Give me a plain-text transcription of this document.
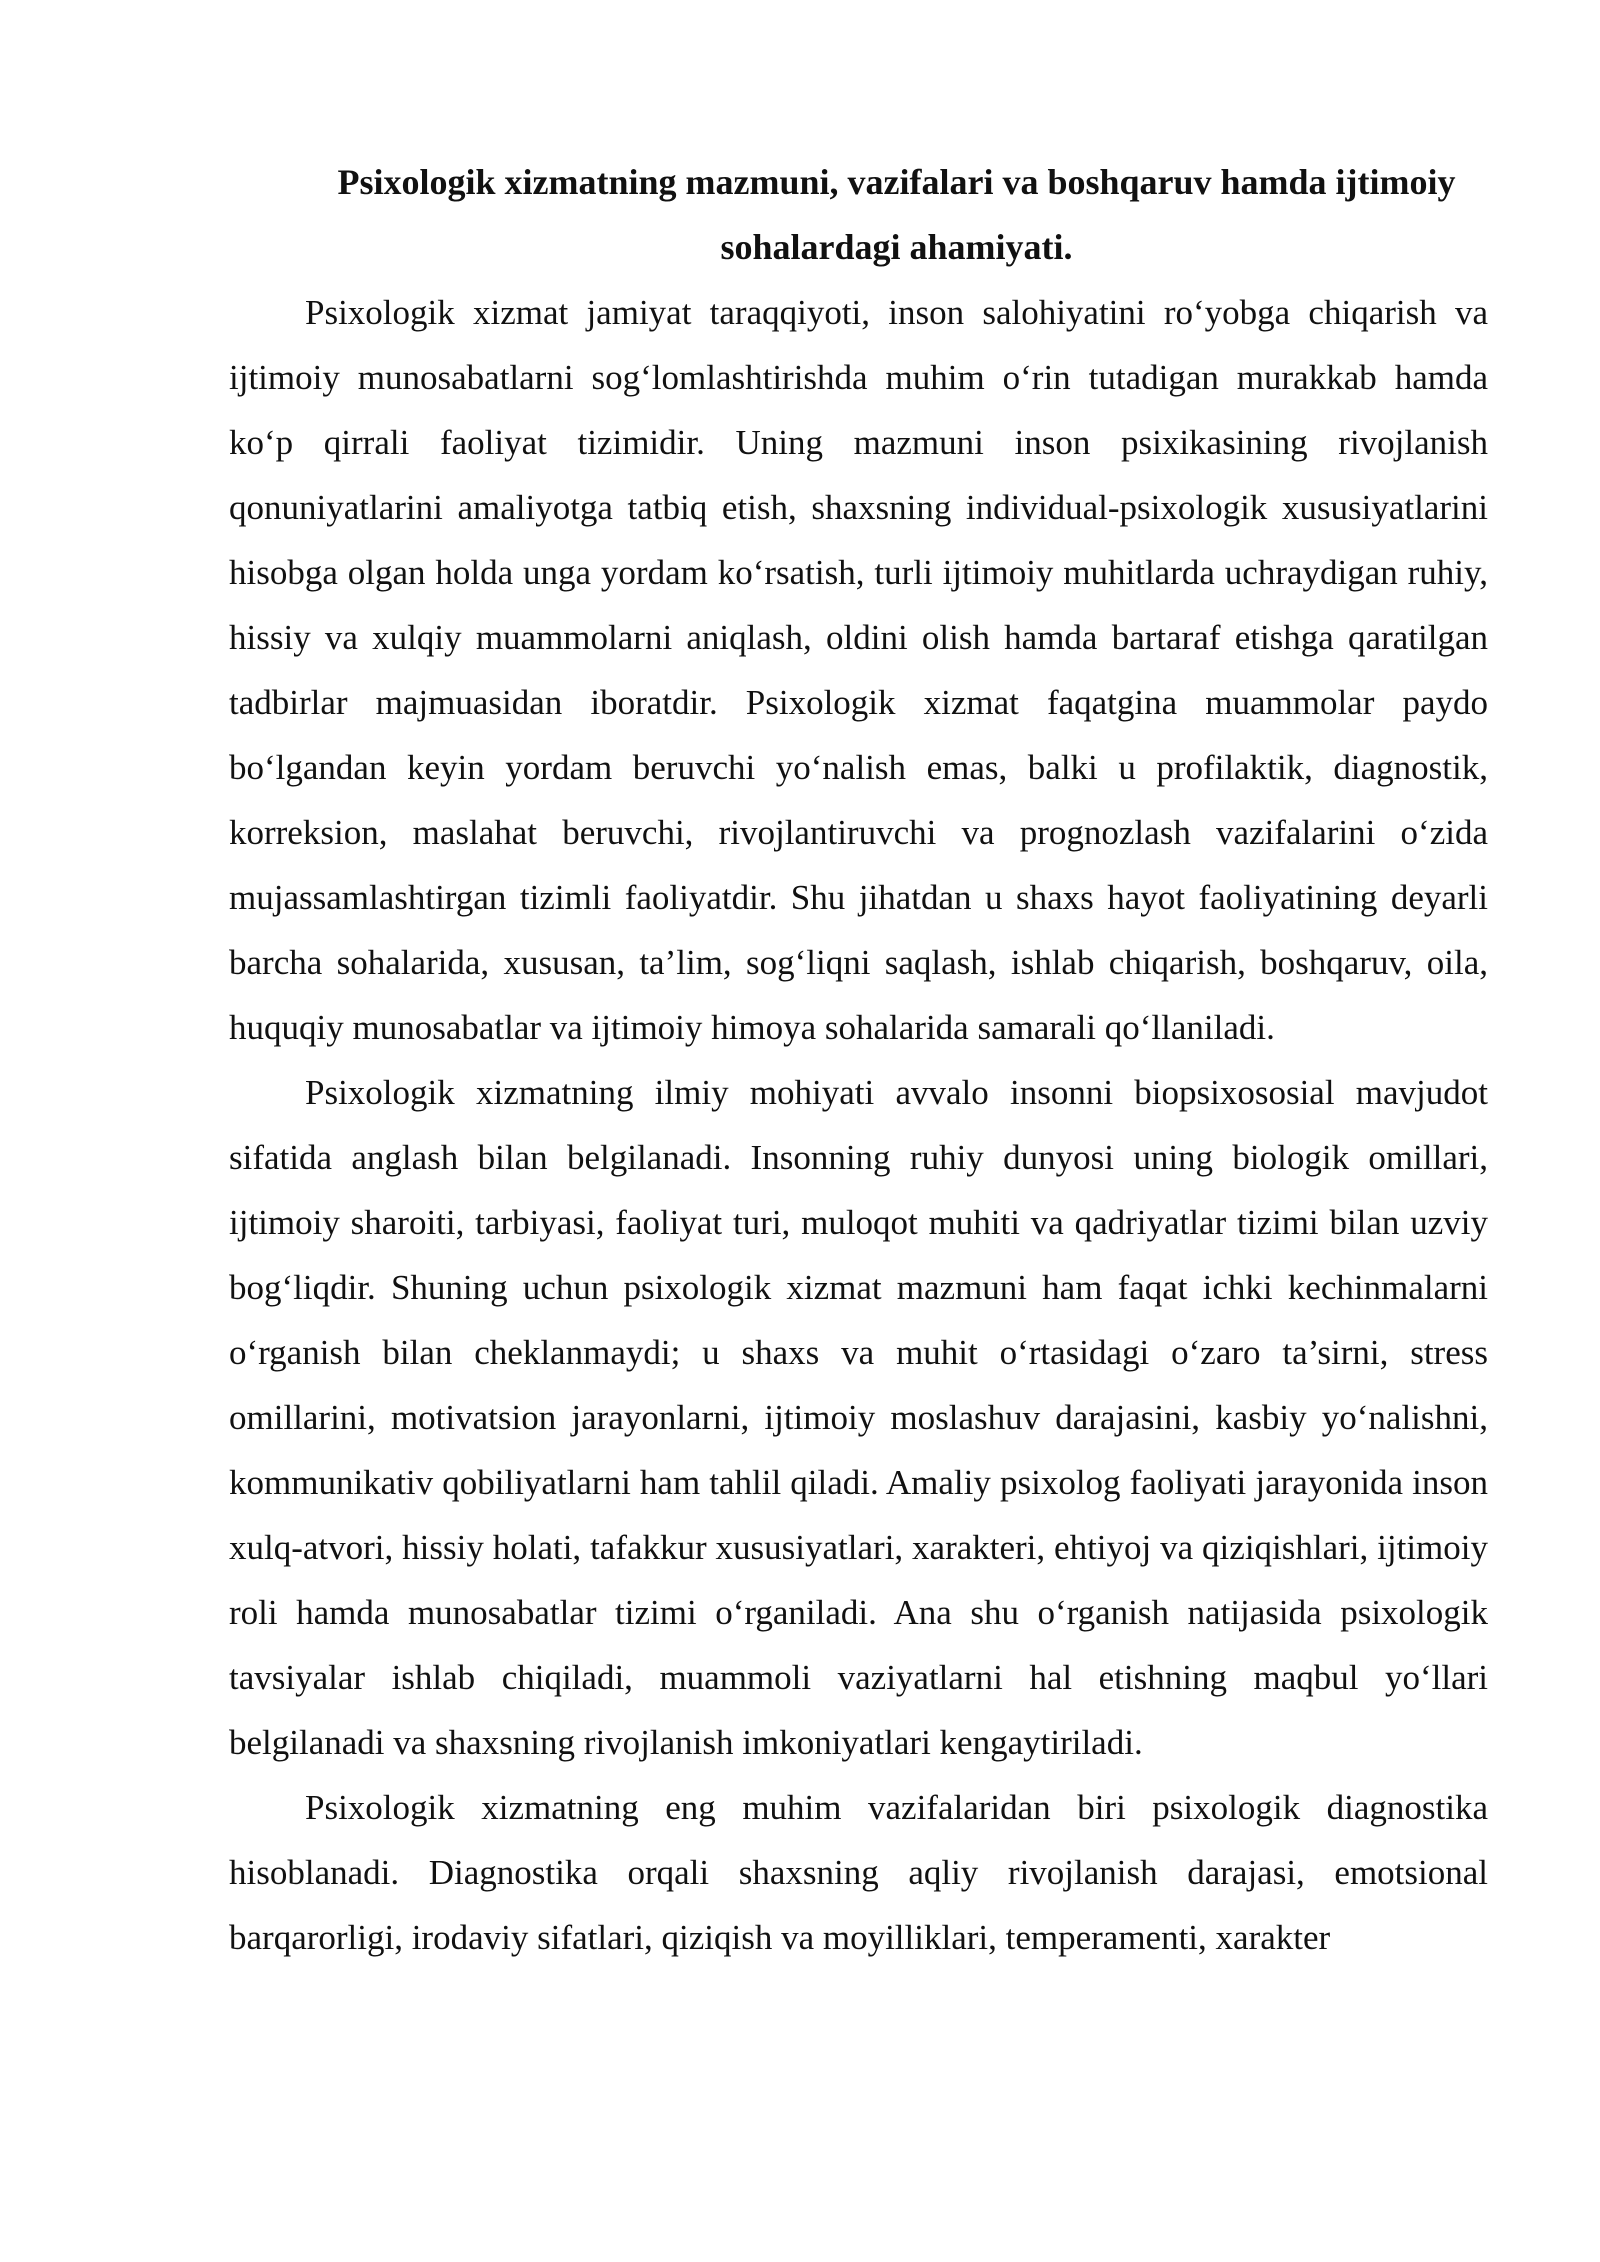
Psixologik xizmatning mazmuni, vazifalari va boshqaruv hamda ijtimoiy
sohalardagi ahamiyati.

Psixologik xizmat jamiyat taraqqiyoti, inson salohiyatini ro‘yobga chiqarish va ijtimoiy munosabatlarni sog‘lomlashtirishda muhim o‘rin tutadigan murakkab hamda ko‘p qirrali faoliyat tizimidir. Uning mazmuni inson psixikasining rivojlanish qonuniyatlarini amaliyotga tatbiq etish, shaxsning individual-psixologik xususiyatlarini hisobga olgan holda unga yordam ko‘rsatish, turli ijtimoiy muhitlarda uchraydigan ruhiy, hissiy va xulqiy muammolarni aniqlash, oldini olish hamda bartaraf etishga qaratilgan tadbirlar majmuasidan iboratdir. Psixologik xizmat faqatgina muammolar paydo bo‘lgandan keyin yordam beruvchi yo‘nalish emas, balki u profilaktik, diagnostik, korreksion, maslahat beruvchi, rivojlantiruvchi va prognozlash vazifalarini o‘zida mujassamlashtirgan tizimli faoliyatdir. Shu jihatdan u shaxs hayot faoliyatining deyarli barcha sohalarida, xususan, ta’lim, sog‘liqni saqlash, ishlab chiqarish, boshqaruv, oila, huquqiy munosabatlar va ijtimoiy himoya sohalarida samarali qo‘llaniladi.

Psixologik xizmatning ilmiy mohiyati avvalo insonni biopsixososial mavjudot sifatida anglash bilan belgilanadi. Insonning ruhiy dunyosi uning biologik omillari, ijtimoiy sharoiti, tarbiyasi, faoliyat turi, muloqot muhiti va qadriyatlar tizimi bilan uzviy bog‘liqdir. Shuning uchun psixologik xizmat mazmuni ham faqat ichki kechinmalarni o‘rganish bilan cheklanmaydi; u shaxs va muhit o‘rtasidagi o‘zaro ta’sirni, stress omillarini, motivatsion jarayonlarni, ijtimoiy moslashuv darajasini, kasbiy yo‘nalishni, kommunikativ qobiliyatlarni ham tahlil qiladi. Amaliy psixolog faoliyati jarayonida inson xulq-atvori, hissiy holati, tafakkur xususiyatlari, xarakteri, ehtiyoj va qiziqishlari, ijtimoiy roli hamda munosabatlar tizimi o‘rganiladi. Ana shu o‘rganish natijasida psixologik tavsiyalar ishlab chiqiladi, muammoli vaziyatlarni hal etishning maqbul yo‘llari belgilanadi va shaxsning rivojlanish imkoniyatlari kengaytiriladi.

Psixologik xizmatning eng muhim vazifalaridan biri psixologik diagnostika hisoblanadi. Diagnostika orqali shaxsning aqliy rivojlanish darajasi, emotsional barqarorligi, irodaviy sifatlari, qiziqish va moyilliklari, temperamenti, xarakter
